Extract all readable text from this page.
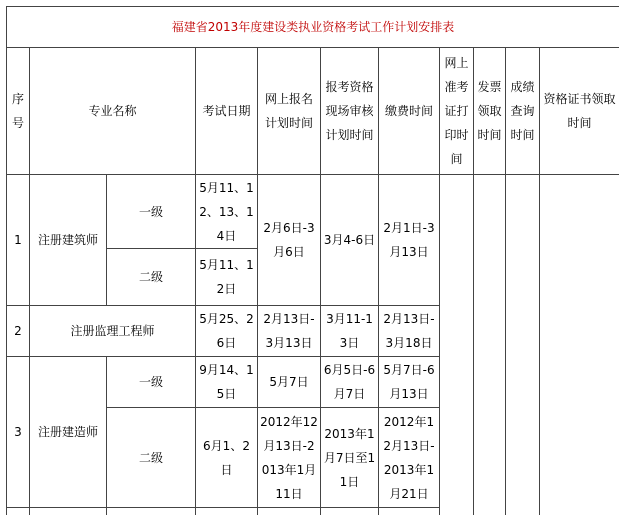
福建省2013年度建设类执业资格考试工作计划安排表										
序号	专业名称		考试日期	网上报名计划时间	报考资格现场审核计划时间	缴费时间	网上准考证打印时间	发票领取时间	成绩查询时间	资格证书领取时间
1	注册建筑师	一级	5月11、12、13、14日	2月6日-3月6日	3月4-6日	2月1日-3月13日				
		二级	5月11、12日							
2	注册监理工程师		5月25、26日	2月13日-3月13日	3月11-13日	2月13日-3月18日				
3	注册建造师	一级	9月14、15日	5月7日	6月5日-6月7日	5月7日-6月13日				
		二级	6月1、2日	2012年12月13日-2013年1月11日	2013年1月7日至11日	2012年12月13日-2013年1月21日				
